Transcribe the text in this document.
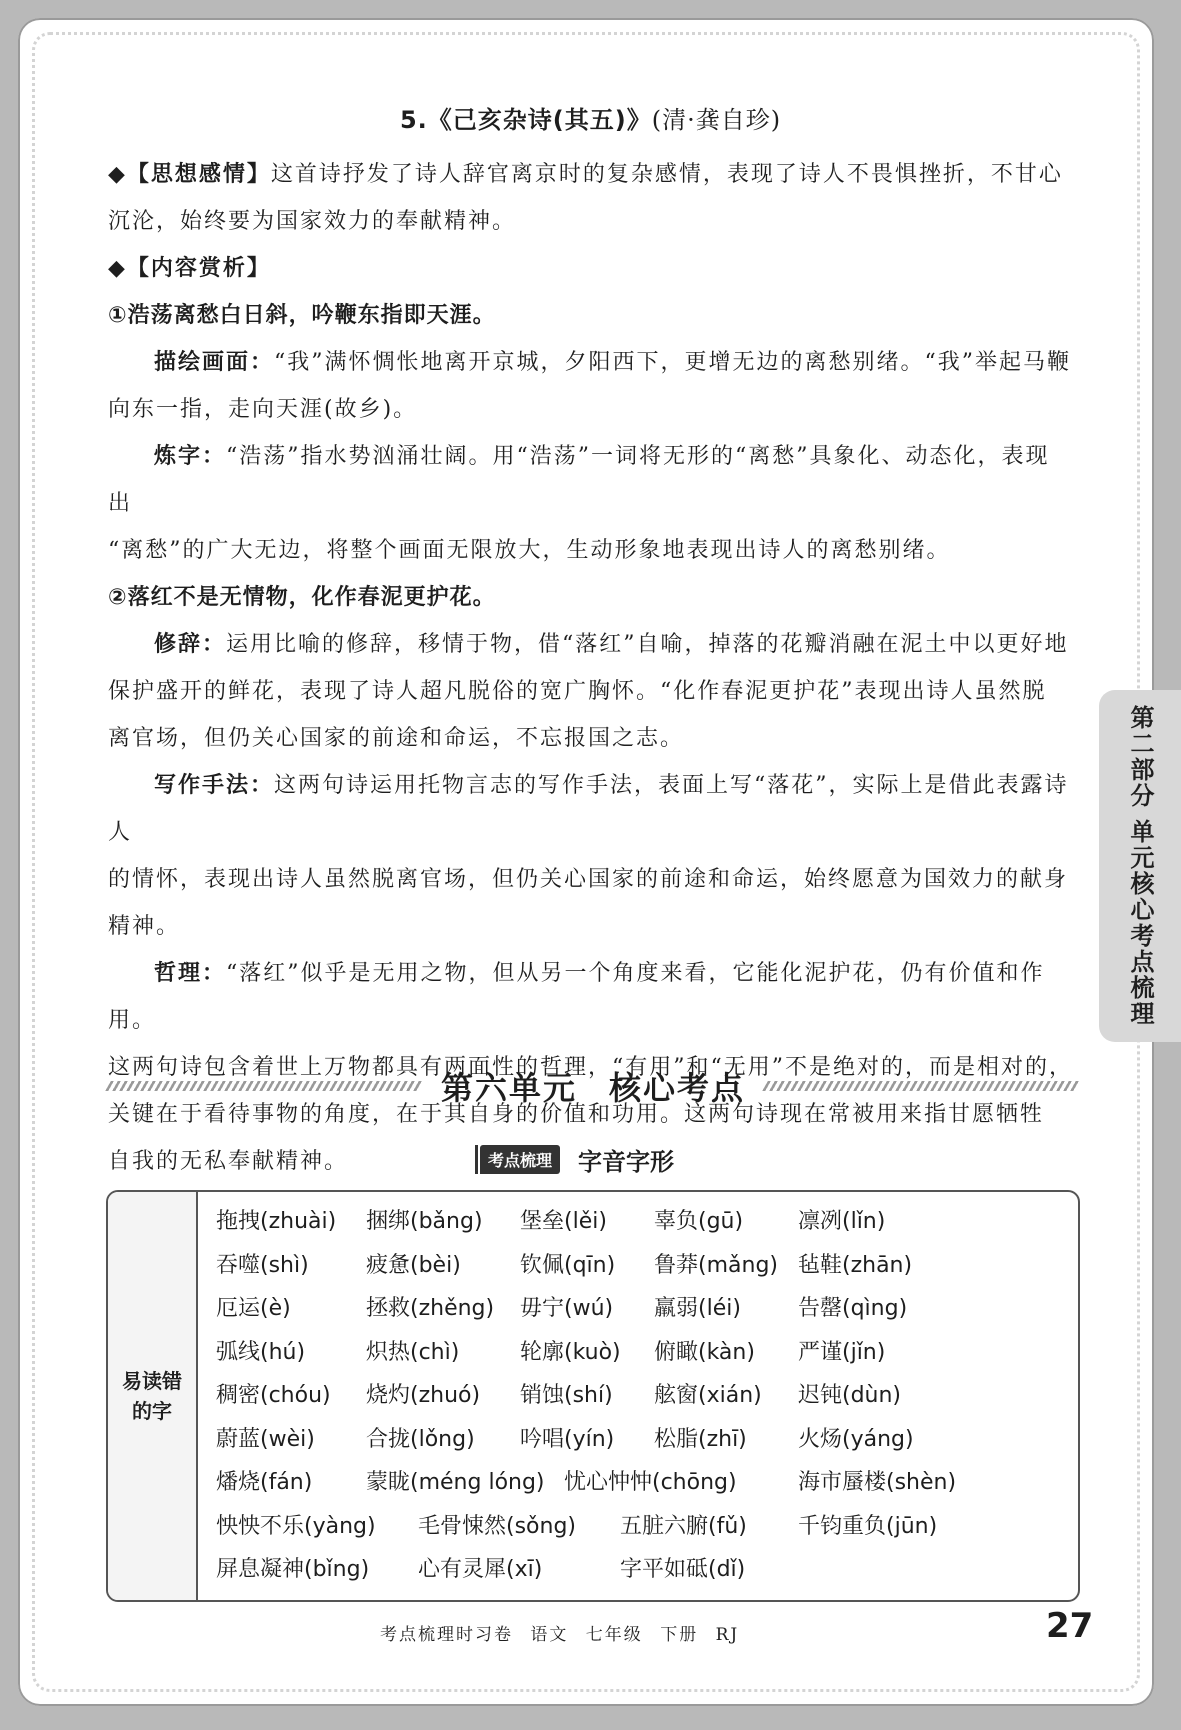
5.《己亥杂诗(其五)》(清·龚自珍)

◆【思想感情】这首诗抒发了诗人辞官离京时的复杂感情，表现了诗人不畏惧挫折，不甘心

沉沦，始终要为国家效力的奉献精神。

◆【内容赏析】

①浩荡离愁白日斜，吟鞭东指即天涯。

描绘画面：“我”满怀惆怅地离开京城，夕阳西下，更增无边的离愁别绪。“我”举起马鞭

向东一指，走向天涯(故乡)。

炼字：“浩荡”指水势汹涌壮阔。用“浩荡”一词将无形的“离愁”具象化、动态化，表现出

“离愁”的广大无边，将整个画面无限放大，生动形象地表现出诗人的离愁别绪。

②落红不是无情物，化作春泥更护花。

修辞：运用比喻的修辞，移情于物，借“落红”自喻，掉落的花瓣消融在泥土中以更好地

保护盛开的鲜花，表现了诗人超凡脱俗的宽广胸怀。“化作春泥更护花”表现出诗人虽然脱

离官场，但仍关心国家的前途和命运，不忘报国之志。

写作手法：这两句诗运用托物言志的写作手法，表面上写“落花”，实际上是借此表露诗人

的情怀，表现出诗人虽然脱离官场，但仍关心国家的前途和命运，始终愿意为国效力的献身

精神。

哲理：“落红”似乎是无用之物，但从另一个角度来看，它能化泥护花，仍有价值和作用。

这两句诗包含着世上万物都具有两面性的哲理，“有用”和“无用”不是绝对的，而是相对的，

关键在于看待事物的角度，在于其自身的价值和功用。这两句诗现在常被用来指甘愿牺牲

自我的无私奉献精神。

第六单元 核心考点
考点梳理	字音字形
易读错
的字
拖拽(zhuài) 捆绑(bǎng) 堡垒(lěi) 辜负(gū) 凛冽(lǐn)
吞噬(shì)	疲惫(bèi)	钦佩(qīn) 鲁莽(mǎng) 毡鞋(zhān)
厄运(è)	拯救(zhěng) 毋宁(wú) 羸弱(léi)	告罄(qìng)
弧线(hú)	炽热(chì)	轮廓(kuò) 俯瞰(kàn) 严谨(jǐn)
稠密(chóu) 烧灼(zhuó) 销蚀(shí) 舷窗(xián) 迟钝(dùn)
蔚蓝(wèi) 合拢(lǒng) 吟唱(yín) 松脂(zhī) 火炀(yáng)
燔烧(fán) 蒙眬(méng lóng) 忧心忡忡(chōng)	海市蜃楼(shèn)
怏怏不乐(yàng) 毛骨悚然(sǒng) 五脏六腑(fǔ) 千钧重负(jūn)
屏息凝神(bǐng) 心有灵犀(xī)	字平如砥(dǐ)
第二部分
单元核心考点梳理
考点梳理时习卷 语文 七年级 下册 RJ	27
